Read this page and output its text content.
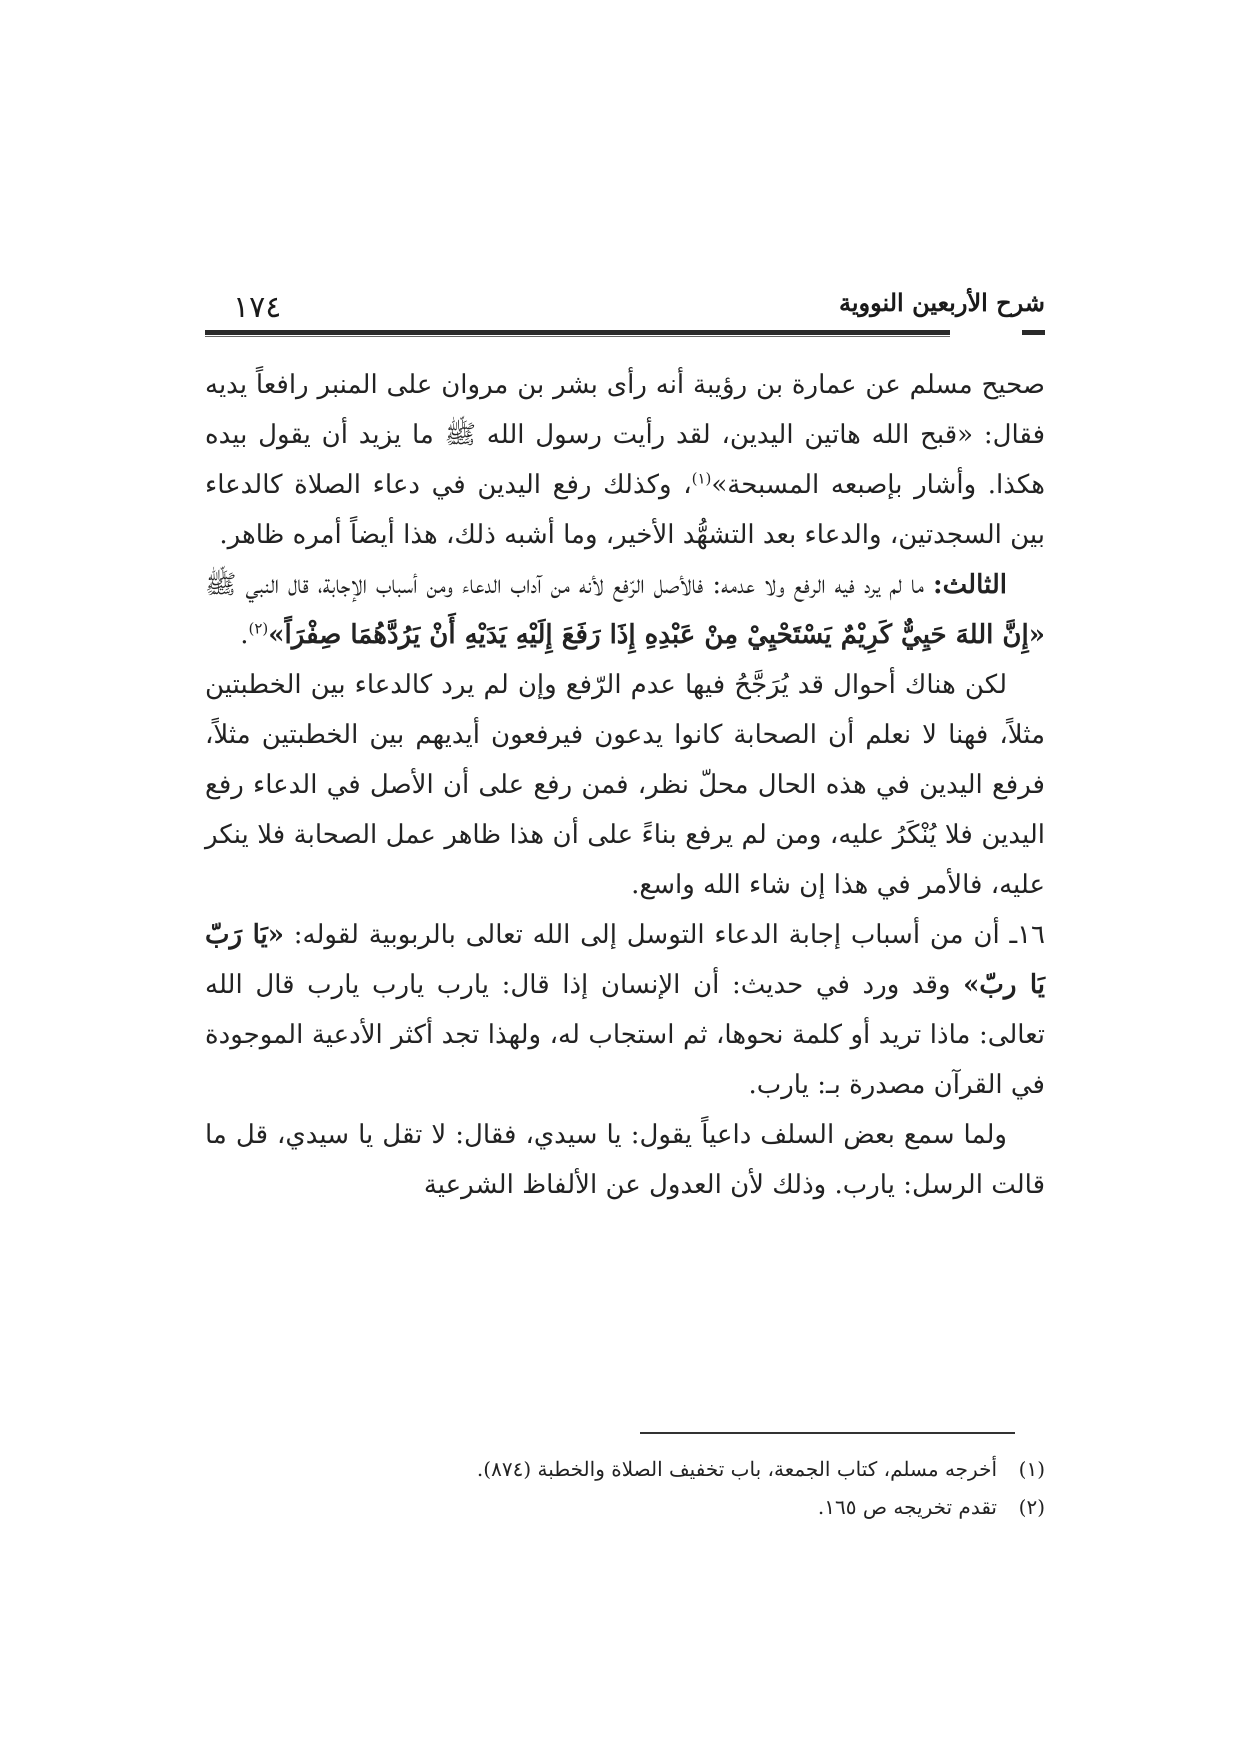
شرح الأربعين النووية
١٧٤

صحيح مسلم عن عمارة بن رؤيبة أنه رأى بشر بن مروان على المنبر رافعاً يديه فقال: «قبح الله هاتين اليدين، لقد رأيت رسول الله ﷺ ما يزيد أن يقول بيده هكذا. وأشار بإصبعه المسبحة»$^{(١)}$، وكذلك رفع اليدين في دعاء الصلاة كالدعاء بين السجدتين، والدعاء بعد التشهُّد الأخير، وما أشبه ذلك، هذا أيضاً أمره ظاهر.

الثالث: ما لم يرد فيه الرفع ولا عدمه: فالأصل الرّفع لأنه من آداب الدعاء ومن أسباب الإجابة، قال النبي ﷺ «إِنَّ اللهَ حَيِيٌّ كَرِيْمٌ يَسْتَحْيِيْ مِنْ عَبْدِهِ إِذَا رَفَعَ إِلَيْهِ يَدَيْهِ أَنْ يَرُدَّهُمَا صِفْرَاً»$^{(٢)}$.

لكن هناك أحوال قد يُرَجَّحُ فيها عدم الرّفع وإن لم يرد كالدعاء بين الخطبتين مثلاً، فهنا لا نعلم أن الصحابة كانوا يدعون فيرفعون أيديهم بين الخطبتين مثلاً، فرفع اليدين في هذه الحال محلّ نظر، فمن رفع على أن الأصل في الدعاء رفع اليدين فلا يُنْكَرُ عليه، ومن لم يرفع بناءً على أن هذا ظاهر عمل الصحابة فلا ينكر عليه، فالأمر في هذا إن شاء الله واسع.

١٦ـ أن من أسباب إجابة الدعاء التوسل إلى الله تعالى بالربوبية لقوله: «يَا رَبّ يَا ربّ» وقد ورد في حديث: أن الإنسان إذا قال: يارب يارب يارب قال الله تعالى: ماذا تريد أو كلمة نحوها، ثم استجاب له، ولهذا تجد أكثر الأدعية الموجودة في القرآن مصدرة بـ: يارب.

ولما سمع بعض السلف داعياً يقول: يا سيدي، فقال: لا تقل يا سيدي، قل ما قالت الرسل: يارب. وذلك لأن العدول عن الألفاظ الشرعية

(١)
أخرجه مسلم، كتاب الجمعة، باب تخفيف الصلاة والخطبة (٨٧٤).
(٢)
تقدم تخريجه ص ١٦٥.
